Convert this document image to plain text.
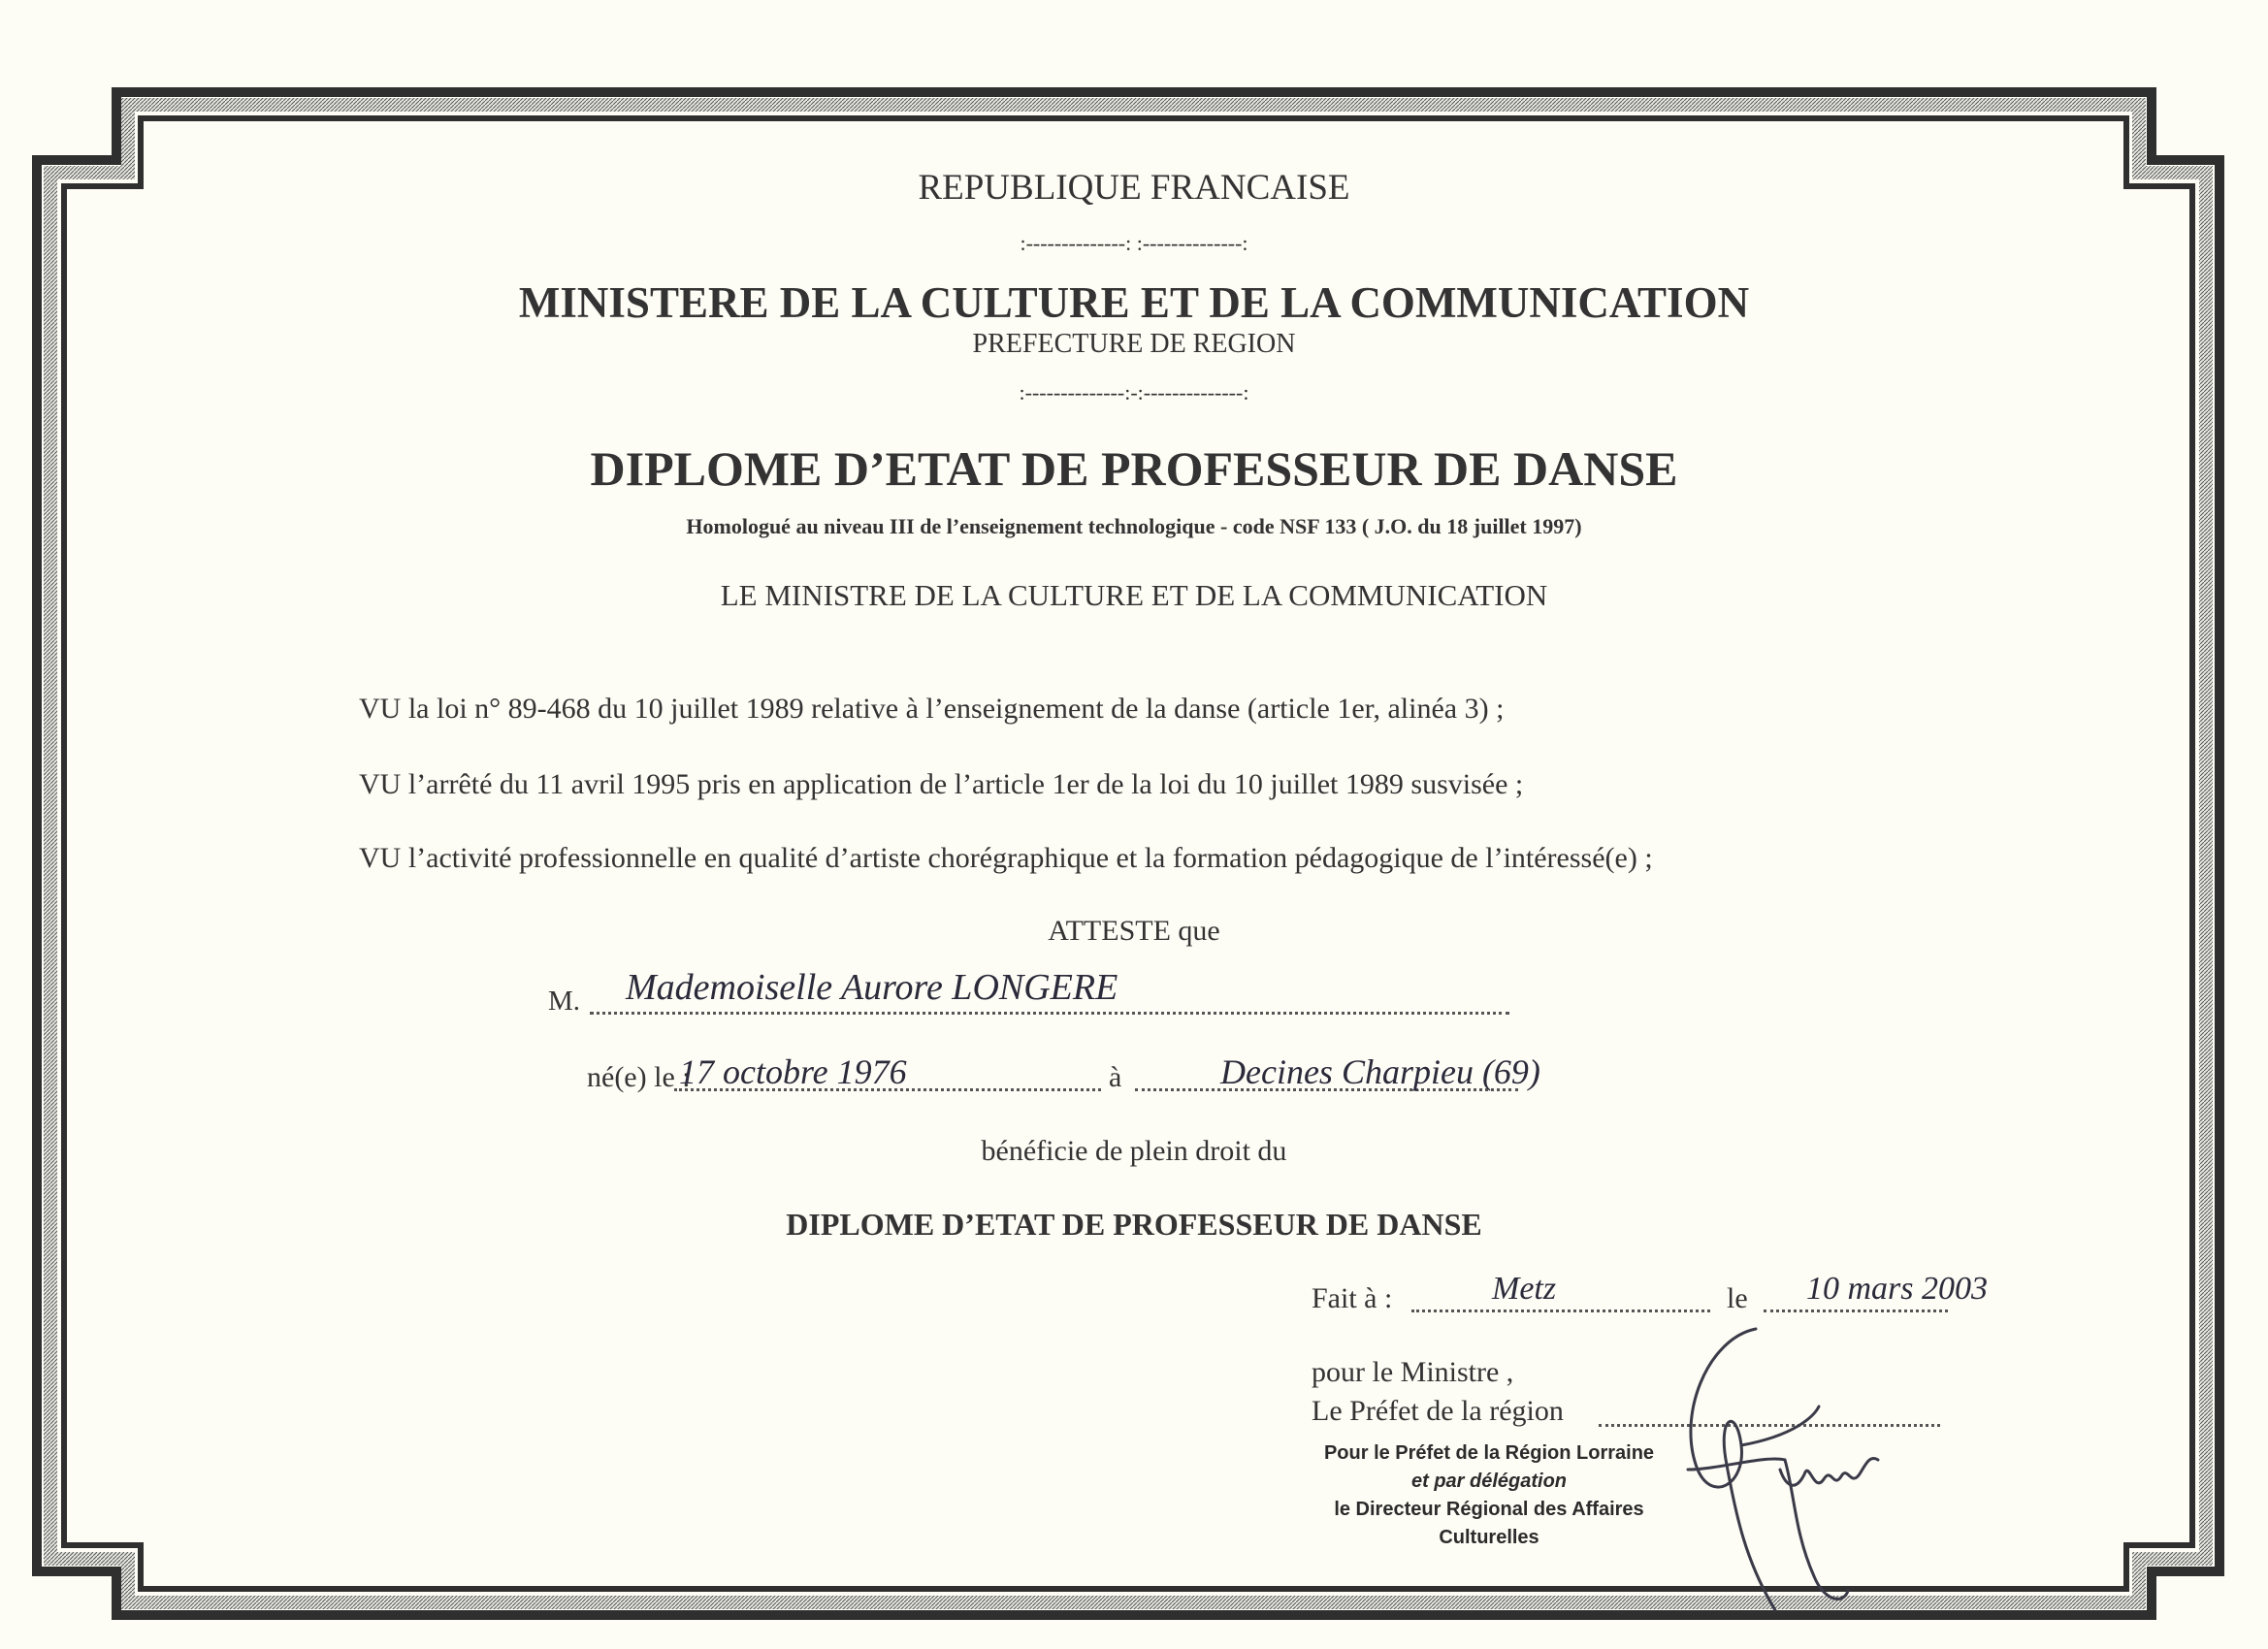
REPUBLIQUE FRANCAISE
:--------------: :--------------:
MINISTERE DE LA CULTURE ET DE LA COMMUNICATION
PREFECTURE DE REGION
:--------------:-:--------------:
DIPLOME D’ETAT DE PROFESSEUR DE DANSE
Homologué au niveau III de l’enseignement technologique - code NSF 133 ( J.O. du 18 juillet 1997)
LE MINISTRE DE LA CULTURE ET DE LA COMMUNICATION
VU la loi n° 89-468 du 10 juillet 1989 relative à l’enseignement de la danse (article 1er, alinéa 3) ;
VU l’arrêté du 11 avril 1995 pris en application de l’article 1er de la loi du 10 juillet 1989 susvisée ;
VU l’activité professionnelle en qualité d’artiste chorégraphique et la formation pédagogique de l’intéressé(e) ;
ATTESTE que
M. Mademoiselle Aurore LONGERE
né(e) le :
17 octobre 1976	à	Decines Charpieu (69)
bénéficie de plein droit du
DIPLOME D’ETAT DE PROFESSEUR DE DANSE
Fait à :	Metz	le 10 mars 2003
pour le Ministre ,
Le Préfet de la région
Pour le Préfet de la Région Lorraine
et par délégation
le Directeur Régional des Affaires
Culturelles
